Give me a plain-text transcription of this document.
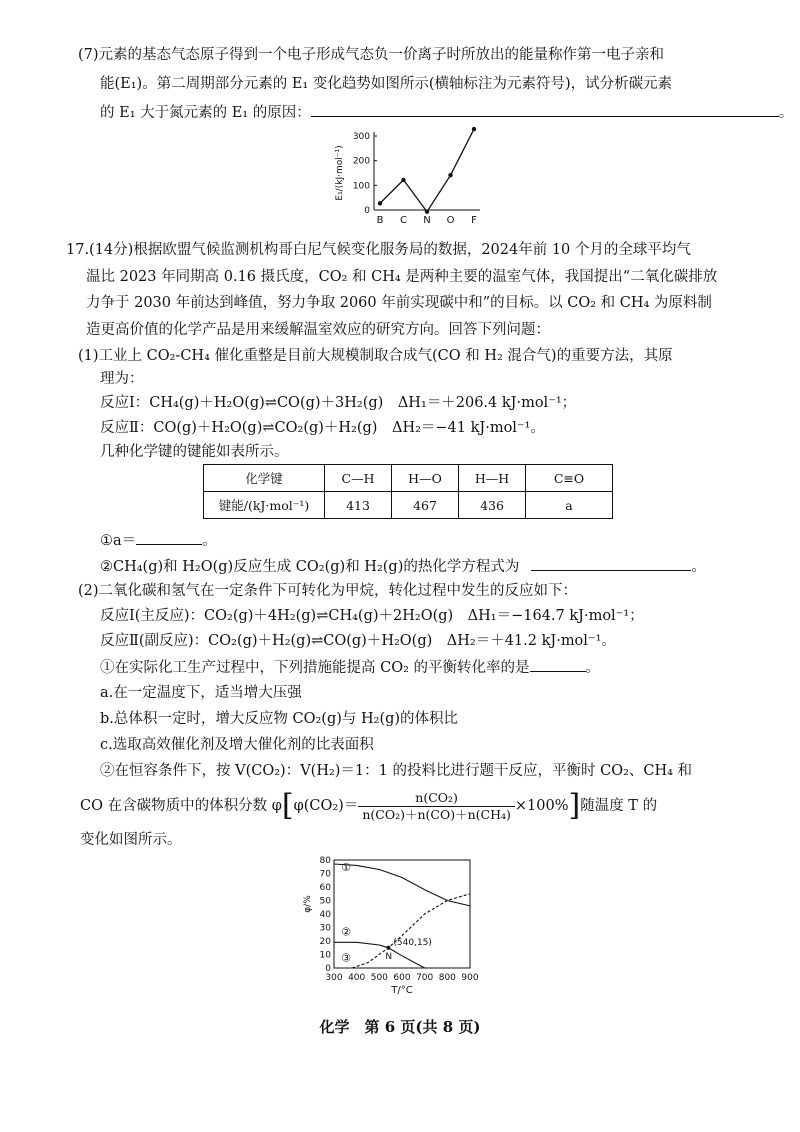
(7)元素的基态气态原子得到一个电子形成气态负一价离子时所放出的能量称作第一电子亲和
能(E₁)。第二周期部分元素的 E₁ 变化趋势如图所示(横轴标注为元素符号)，试分析碳元素
的 E₁ 大于氮元素的 E₁ 的原因：	。
0
100
200
300
E₁/(kJ·mol⁻¹)
B C N O F
17.(14分)根据欧盟气候监测机构哥白尼气候变化服务局的数据，2024年前 10 个月的全球平均气
温比 2023 年同期高 0.16 摄氏度，CO₂ 和 CH₄ 是两种主要的温室气体，我国提出“二氧化碳排放
力争于 2030 年前达到峰值，努力争取 2060 年前实现碳中和”的目标。以 CO₂ 和 CH₄ 为原料制
造更高价值的化学产品是用来缓解温室效应的研究方向。回答下列问题：
(1)工业上 CO₂-CH₄ 催化重整是目前大规模制取合成气(CO 和 H₂ 混合气)的重要方法，其原
理为：
反应Ⅰ：CH₄(g)＋H₂O(g)⇌CO(g)＋3H₂(g)　ΔH₁＝＋206.4 kJ·mol⁻¹；
反应Ⅱ：CO(g)＋H₂O(g)⇌CO₂(g)＋H₂(g)　ΔH₂＝−41 kJ·mol⁻¹。
几种化学键的键能如表所示。
化学键	C—H	H—O	H—H	C≡O
键能/(kJ·mol⁻¹)	413	467	436	a
①a＝	。
②CH₄(g)和 H₂O(g)反应生成 CO₂(g)和 H₂(g)的热化学方程式为	。
(2)二氧化碳和氢气在一定条件下可转化为甲烷，转化过程中发生的反应如下：
反应Ⅰ(主反应)：CO₂(g)＋4H₂(g)⇌CH₄(g)＋2H₂O(g)　ΔH₁＝−164.7 kJ·mol⁻¹；
反应Ⅱ(副反应)：CO₂(g)＋H₂(g)⇌CO(g)＋H₂O(g)　ΔH₂＝＋41.2 kJ·mol⁻¹。
①在实际化工生产过程中，下列措施能提高 CO₂ 的平衡转化率的是	。
a.在一定温度下，适当增大压强
b.总体积一定时，增大反应物 CO₂(g)与 H₂(g)的体积比
c.选取高效催化剂及增大催化剂的比表面积
②在恒容条件下，按 V(CO₂)：V(H₂)＝1：1 的投料比进行题干反应，平衡时 CO₂、CH₄ 和
CO 在含碳物质中的体积分数 $\varphi[\varphi(CO_2)= \frac{\text{n(CO₂)}}{\text{n(CO₂)＋n(CO)＋n(CH₄)}} \times 100\%]$随温度 T 的
变化如图所示。
0
10
20
30
40
50
60
70
80
300 400 500 600 700 800 900
T/°C
φ/%
①
②
③
(540,15)
N
化学　第 6 页(共 8 页)
